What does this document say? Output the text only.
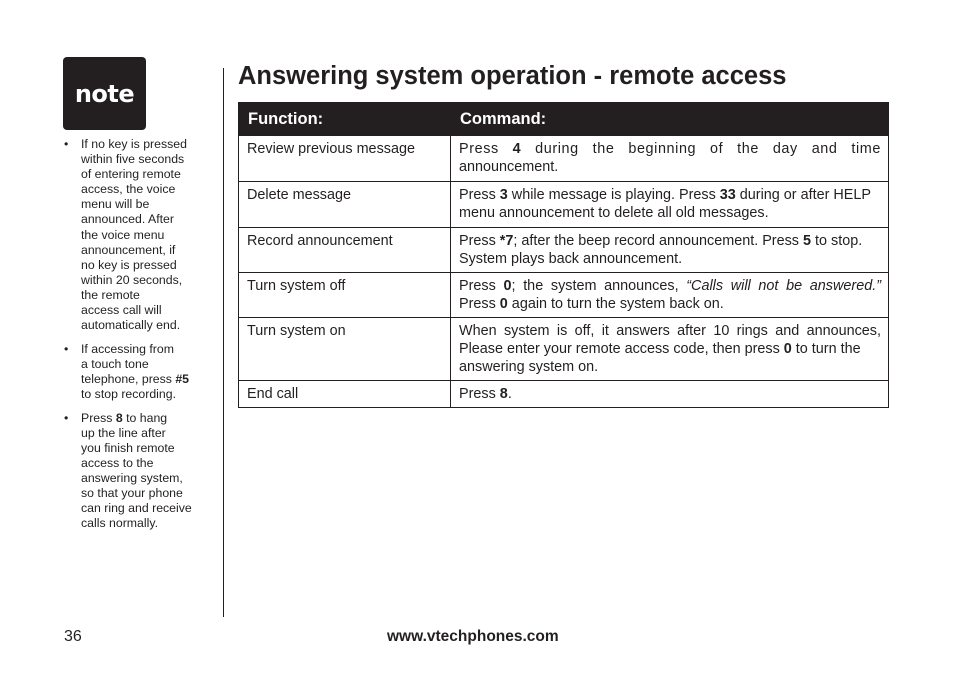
note
• If no key is pressed
within five seconds
of entering remote
access, the voice
menu will be
announced. After
the voice menu
announcement, if
no key is pressed
within 20 seconds,
the remote
access call will
automatically end.
• If accessing from
a touch tone
telephone, press #5
to stop recording.
• Press 8 to hang
up the line after
you finish remote
access to the
answering system,
so that your phone
can ring and receive
calls normally.
Answering system operation - remote access
Function:	Command:
Review previous message	Press 4 during the beginning of the day and time
announcement.

Delete message	Press 3 while message is playing. Press 33 during or after HELP
menu announcement to delete all old messages.

Record announcement	Press *7; after the beep record announcement. Press 5 to stop.
System plays back announcement.

Turn system off	Press 0; the system announces, “Calls will not be answered.”
Press 0 again to turn the system back on.

Turn system on	When system is off, it answers after 10 rings and announces,
Please enter your remote access code, then press 0 to turn the
answering system on.

End call	Press 8.
36	www.vtechphones.com
